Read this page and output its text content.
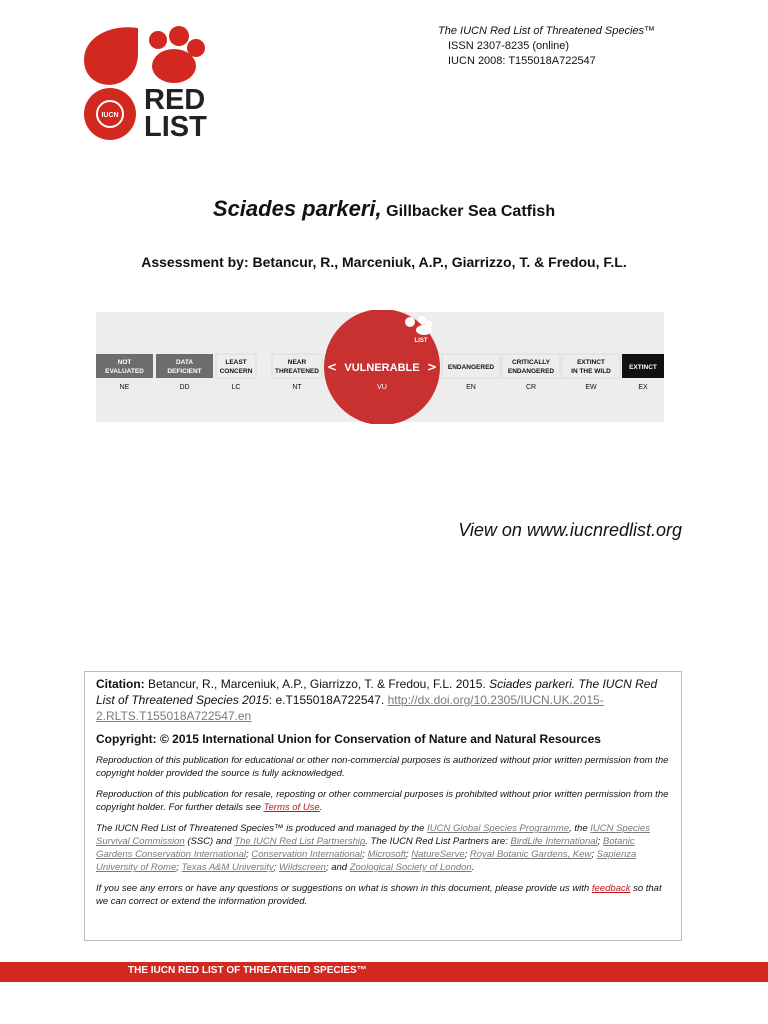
IUCN RED
LIST
The IUCN Red List of Threatened Species™
ISSN 2307-8235 (online)
IUCN 2008: T155018A722547
Sciades parkeri, Gillbacker Sea Catfish
Assessment by: Betancur, R., Marceniuk, A.P., Giarrizzo, T. & Fredou, F.L.
NOT
EVALUATED
DATA
DEFICIENT
LEAST
CONCERN
NEAR
THREATENED
ENDANGERED
CRITICALLY
ENDANGERED
EXTINCT
IN THE WILD
EXTINCT
LIST
VULNERABLE
<	>
NE	DD	LC	NT	VU	EN	CR	EW	EX
View on www.iucnredlist.org
Citation: Betancur, R., Marceniuk, A.P., Giarrizzo, T. & Fredou, F.L. 2015. Sciades parkeri. The IUCN Red List of Threatened Species 2015: e.T155018A722547. http://dx.doi.org/10.2305/IUCN.UK.2015-2.RLTS.T155018A722547.en
Copyright: © 2015 International Union for Conservation of Nature and Natural Resources
Reproduction of this publication for educational or other non-commercial purposes is authorized without prior written permission from the copyright holder provided the source is fully acknowledged.
Reproduction of this publication for resale, reposting or other commercial purposes is prohibited without prior written permission from the copyright holder. For further details see Terms of Use.
The IUCN Red List of Threatened Species™ is produced and managed by the IUCN Global Species Programme, the IUCN Species Survival Commission (SSC) and The IUCN Red List Partnership. The IUCN Red List Partners are: BirdLife International; Botanic Gardens Conservation International; Conservation International; Microsoft; NatureServe; Royal Botanic Gardens, Kew; Sapienza University of Rome; Texas A&M University; Wildscreen; and Zoological Society of London.
If you see any errors or have any questions or suggestions on what is shown in this document, please provide us with feedback so that we can correct or extend the information provided.
THE IUCN RED LIST OF THREATENED SPECIES™
